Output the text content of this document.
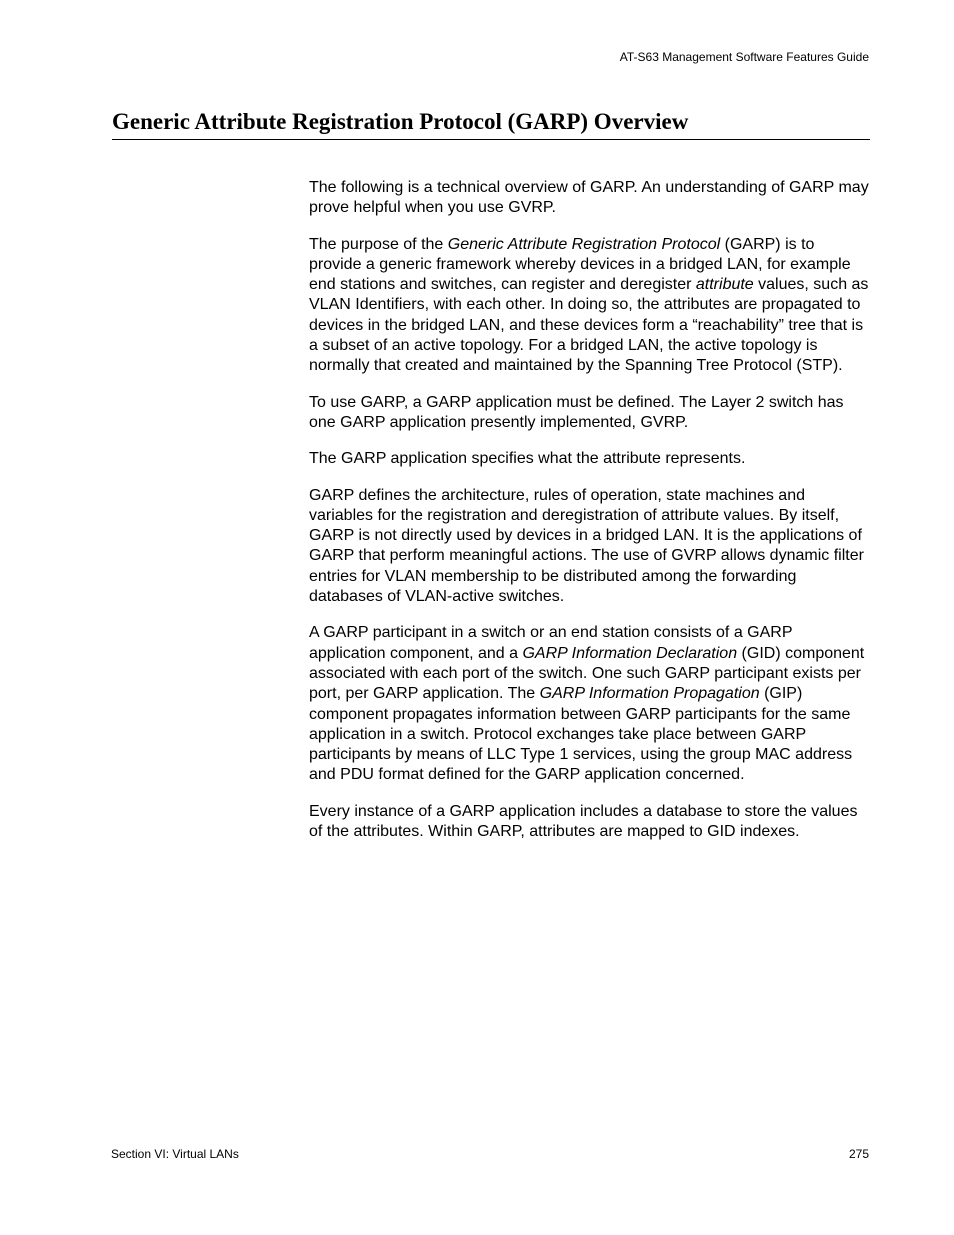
AT-S63 Management Software Features Guide
Generic Attribute Registration Protocol (GARP) Overview

The following is a technical overview of GARP. An understanding of GARP may prove helpful when you use GVRP.

The purpose of the Generic Attribute Registration Protocol (GARP) is to provide a generic framework whereby devices in a bridged LAN, for example end stations and switches, can register and deregister attribute values, such as VLAN Identifiers, with each other. In doing so, the attributes are propagated to devices in the bridged LAN, and these devices form a “reachability” tree that is a subset of an active topology. For a bridged LAN, the active topology is normally that created and maintained by the Spanning Tree Protocol (STP).

To use GARP, a GARP application must be defined. The Layer 2 switch has one GARP application presently implemented, GVRP.

The GARP application specifies what the attribute represents.

GARP defines the architecture, rules of operation, state machines and variables for the registration and deregistration of attribute values. By itself, GARP is not directly used by devices in a bridged LAN. It is the applications of GARP that perform meaningful actions. The use of GVRP allows dynamic filter entries for VLAN membership to be distributed among the forwarding databases of VLAN-active switches.

A GARP participant in a switch or an end station consists of a GARP application component, and a GARP Information Declaration (GID) component associated with each port of the switch. One such GARP participant exists per port, per GARP application. The GARP Information Propagation (GIP) component propagates information between GARP participants for the same application in a switch. Protocol exchanges take place between GARP participants by means of LLC Type 1 services, using the group MAC address and PDU format defined for the GARP application concerned.

Every instance of a GARP application includes a database to store the values of the attributes. Within GARP, attributes are mapped to GID indexes.

Section VI: Virtual LANs	275
